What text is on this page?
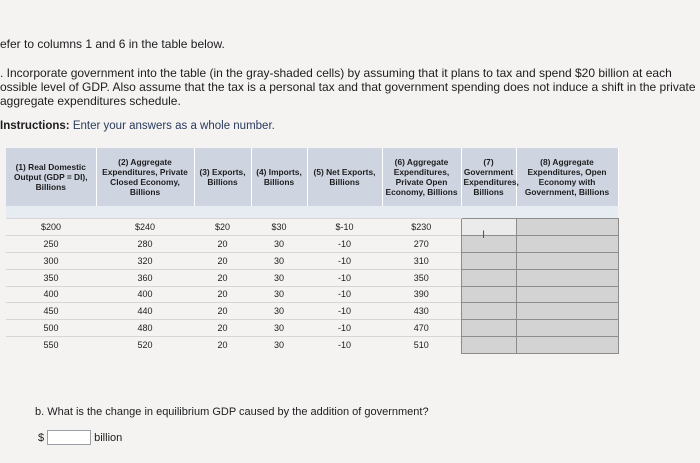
efer to columns 1 and 6 in the table below.
. Incorporate government into the table (in the gray-shaded cells) by assuming that it plans to tax and spend $20 billion at each
ossible level of GDP. Also assume that the tax is a personal tax and that government spending does not induce a shift in the private
aggregate expenditures schedule.
Instructions: Enter your answers as a whole number.
(1) Real Domestic Output (GDP = DI), Billions	(2) Aggregate Expenditures, Private Closed Economy, Billions	(3) Exports, Billions	(4) Imports, Billions	(5) Net Exports, Billions	(6) Aggregate Expenditures, Private Open Economy, Billions	(7) Government Expenditures, Billions	(8) Aggregate Expenditures, Open Economy with Government, Billions

$200	$240	$20	$30	$-10	$230		
250	280	20	30	-10	270		
300	320	20	30	-10	310		
350	360	20	30	-10	350		
400	400	20	30	-10	390		
450	440	20	30	-10	430		
500	480	20	30	-10	470		
550	520	20	30	-10	510		
I
b. What is the change in equilibrium GDP caused by the addition of government?
$	billion
